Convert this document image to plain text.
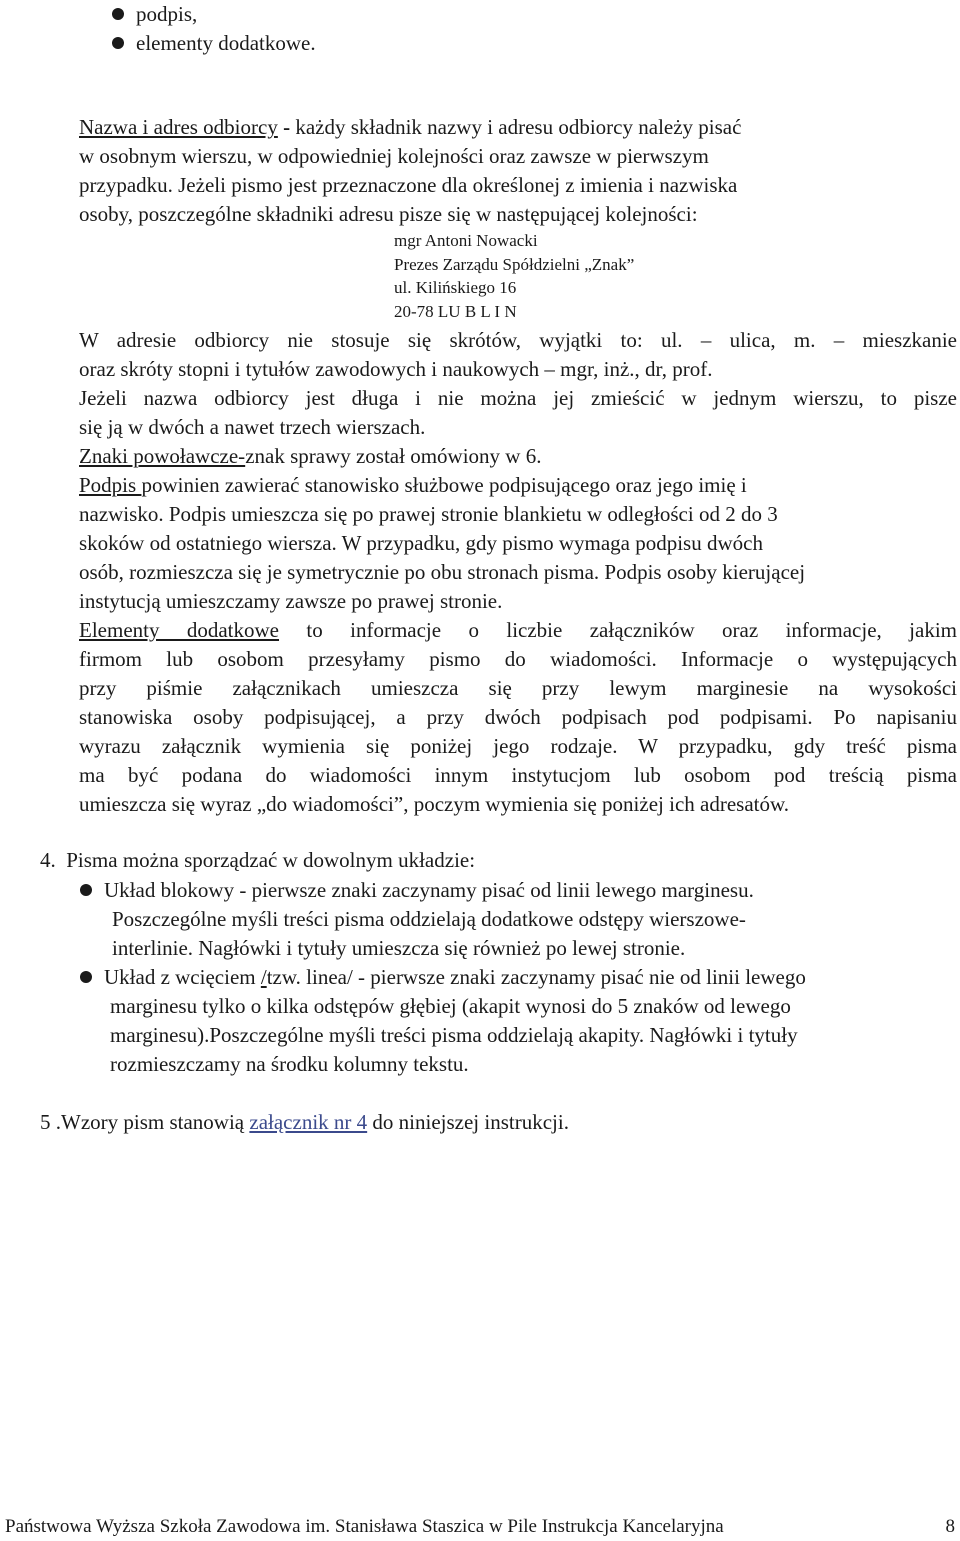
podpis,
elementy dodatkowe.
Nazwa i adres odbiorcy - każdy składnik nazwy i adresu odbiorcy należy pisać
w osobnym wierszu, w odpowiedniej kolejności oraz zawsze w pierwszym
przypadku. Jeżeli pismo jest przeznaczone dla określonej z imienia i nazwiska
osoby, poszczególne składniki adresu pisze się w następującej kolejności:
mgr Antoni Nowacki
Prezes Zarządu Spółdzielni „Znak”
ul. Kilińskiego 16
20-78 LU B L I N
W adresie odbiorcy nie stosuje się skrótów, wyjątki to: ul. – ulica, m. – mieszkanie
oraz skróty stopni i tytułów zawodowych i naukowych – mgr, inż., dr, prof.
Jeżeli nazwa odbiorcy jest długa i nie można jej zmieścić w jednym wierszu, to pisze
się ją w dwóch a nawet trzech wierszach.
Znaki powoławcze-znak sprawy został omówiony w 6.
Podpis powinien zawierać stanowisko służbowe podpisującego oraz jego imię i
nazwisko. Podpis umieszcza się po prawej stronie blankietu w odległości od 2 do 3
skoków od ostatniego wiersza. W przypadku, gdy pismo wymaga podpisu dwóch
osób, rozmieszcza się je symetrycznie po obu stronach pisma. Podpis osoby kierującej
instytucją umieszczamy zawsze po prawej stronie.
Elementy dodatkowe to informacje o liczbie załączników oraz informacje, jakim
firmom lub osobom przesyłamy pismo do wiadomości. Informacje o występujących
przy piśmie załącznikach umieszcza się przy lewym marginesie na wysokości
stanowiska osoby podpisującej, a przy dwóch podpisach pod podpisami. Po napisaniu
wyrazu załącznik wymienia się poniżej jego rodzaje. W przypadku, gdy treść pisma
ma być podana do wiadomości innym instytucjom lub osobom pod treścią pisma
umieszcza się wyraz „do wiadomości”, poczym wymienia się poniżej ich adresatów.
4. Pisma można sporządzać w dowolnym układzie:
Układ blokowy - pierwsze znaki zaczynamy pisać od linii lewego marginesu.
Poszczególne myśli treści pisma oddzielają dodatkowe odstępy wierszowe-
interlinie. Nagłówki i tytuły umieszcza się również po lewej stronie.
Układ z wcięciem /tzw. linea/ - pierwsze znaki zaczynamy pisać nie od linii lewego
marginesu tylko o kilka odstępów głębiej (akapit wynosi do 5 znaków od lewego
marginesu).Poszczególne myśli treści pisma oddzielają akapity. Nagłówki i tytuły
rozmieszczamy na środku kolumny tekstu.
5 .Wzory pism stanowią załącznik nr 4 do niniejszej instrukcji.
Państwowa Wyższa Szkoła Zawodowa im. Stanisława Staszica w Pile Instrukcja Kancelaryjna	8
